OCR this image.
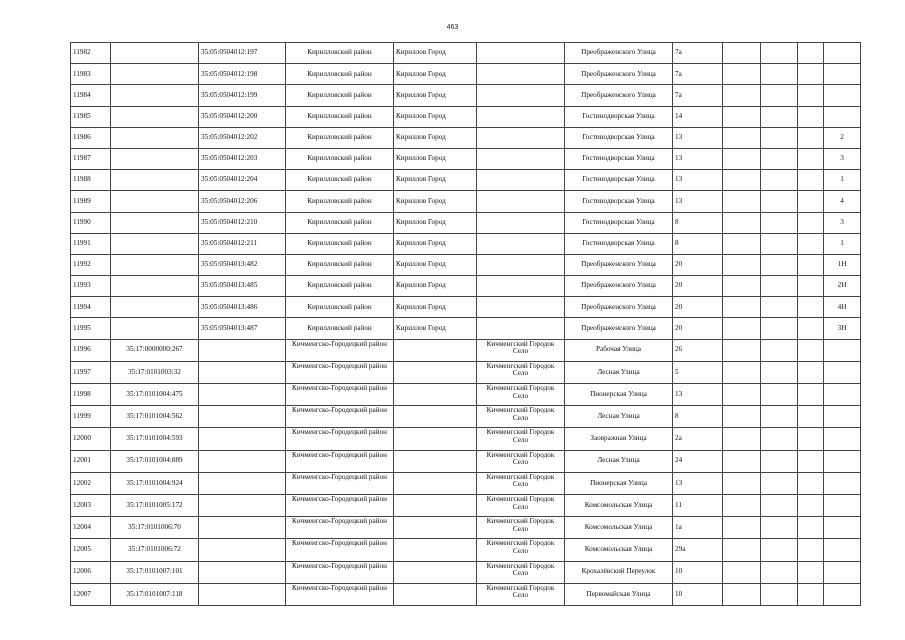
463
11982		35:05:0504012:197	Кирилловский район	Кириллов Город		Преображенского Улица	7а				
11983		35:05:0504012:198	Кирилловский район	Кириллов Город		Преображенского Улица	7а				
11984		35:05:0504012:199	Кирилловский район	Кириллов Город		Преображенского Улица	7а				
11985		35:05:0504012:200	Кирилловский район	Кириллов Город		Гостинодворская Улица	14				
11986		35:05:0504012:202	Кирилловский район	Кириллов Город		Гостинодворская Улица	13				2
11987		35:05:0504012:203	Кирилловский район	Кириллов Город		Гостинодворская Улица	13				3
11988		35:05:0504012:204	Кирилловский район	Кириллов Город		Гостинодворская Улица	13				1
11989		35:05:0504012:206	Кирилловский район	Кириллов Город		Гостинодворская Улица	13				4
11990		35:05:0504012:210	Кирилловский район	Кириллов Город		Гостинодворская Улица	8				3
11991		35:05:0504012:211	Кирилловский район	Кириллов Город		Гостинодворская Улица	8				1
11992		35:05:0504013:482	Кирилловский район	Кириллов Город		Преображенского Улица	20				1Н
11993		35:05:0504013:485	Кирилловский район	Кириллов Город		Преображенского Улица	20				2Н
11994		35:05:0504013:486	Кирилловский район	Кириллов Город		Преображенского Улица	20				4Н
11995		35:05:0504013:487	Кирилловский район	Кириллов Город		Преображенского Улица	20				3Н
11996	35:17:0000000:267		Кичменгско-Городецкий район		Кичменгский Городок Село	Рабочая Улица	26				
11997	35:17:0101003:32		Кичменгско-Городецкий район		Кичменгский Городок Село	Лесная Улица	5				
11998	35:17:0101004:475		Кичменгско-Городецкий район		Кичменгский Городок Село	Пионерская Улица	13				
11999	35:17:0101004:562		Кичменгско-Городецкий район		Кичменгский Городок Село	Лесная Улица	8				
12000	35:17:0101004:593		Кичменгско-Городецкий район		Кичменгский Городок Село	Заовражная Улица	2а				
12001	35:17:0101004:889		Кичменгско-Городецкий район		Кичменгский Городок Село	Лесная Улица	24				
12002	35:17:0101004:924		Кичменгско-Городецкий район		Кичменгский Городок Село	Пионерская Улица	13				
12003	35:17:0101005:172		Кичменгско-Городецкий район		Кичменгский Городок Село	Комсомольская Улица	11				
12004	35:17:0101006:70		Кичменгско-Городецкий район		Кичменгский Городок Село	Комсомольская Улица	1а				
12005	35:17:0101006:72		Кичменгско-Городецкий район		Кичменгский Городок Село	Комсомольская Улица	29а				
12006	35:17:0101007:101		Кичменгско-Городецкий район		Кичменгский Городок Село	Крохалёвский Переулок	10				
12007	35:17:0101007:118		Кичменгско-Городецкий район		Кичменгский Городок Село	Первомайская Улица	10				
